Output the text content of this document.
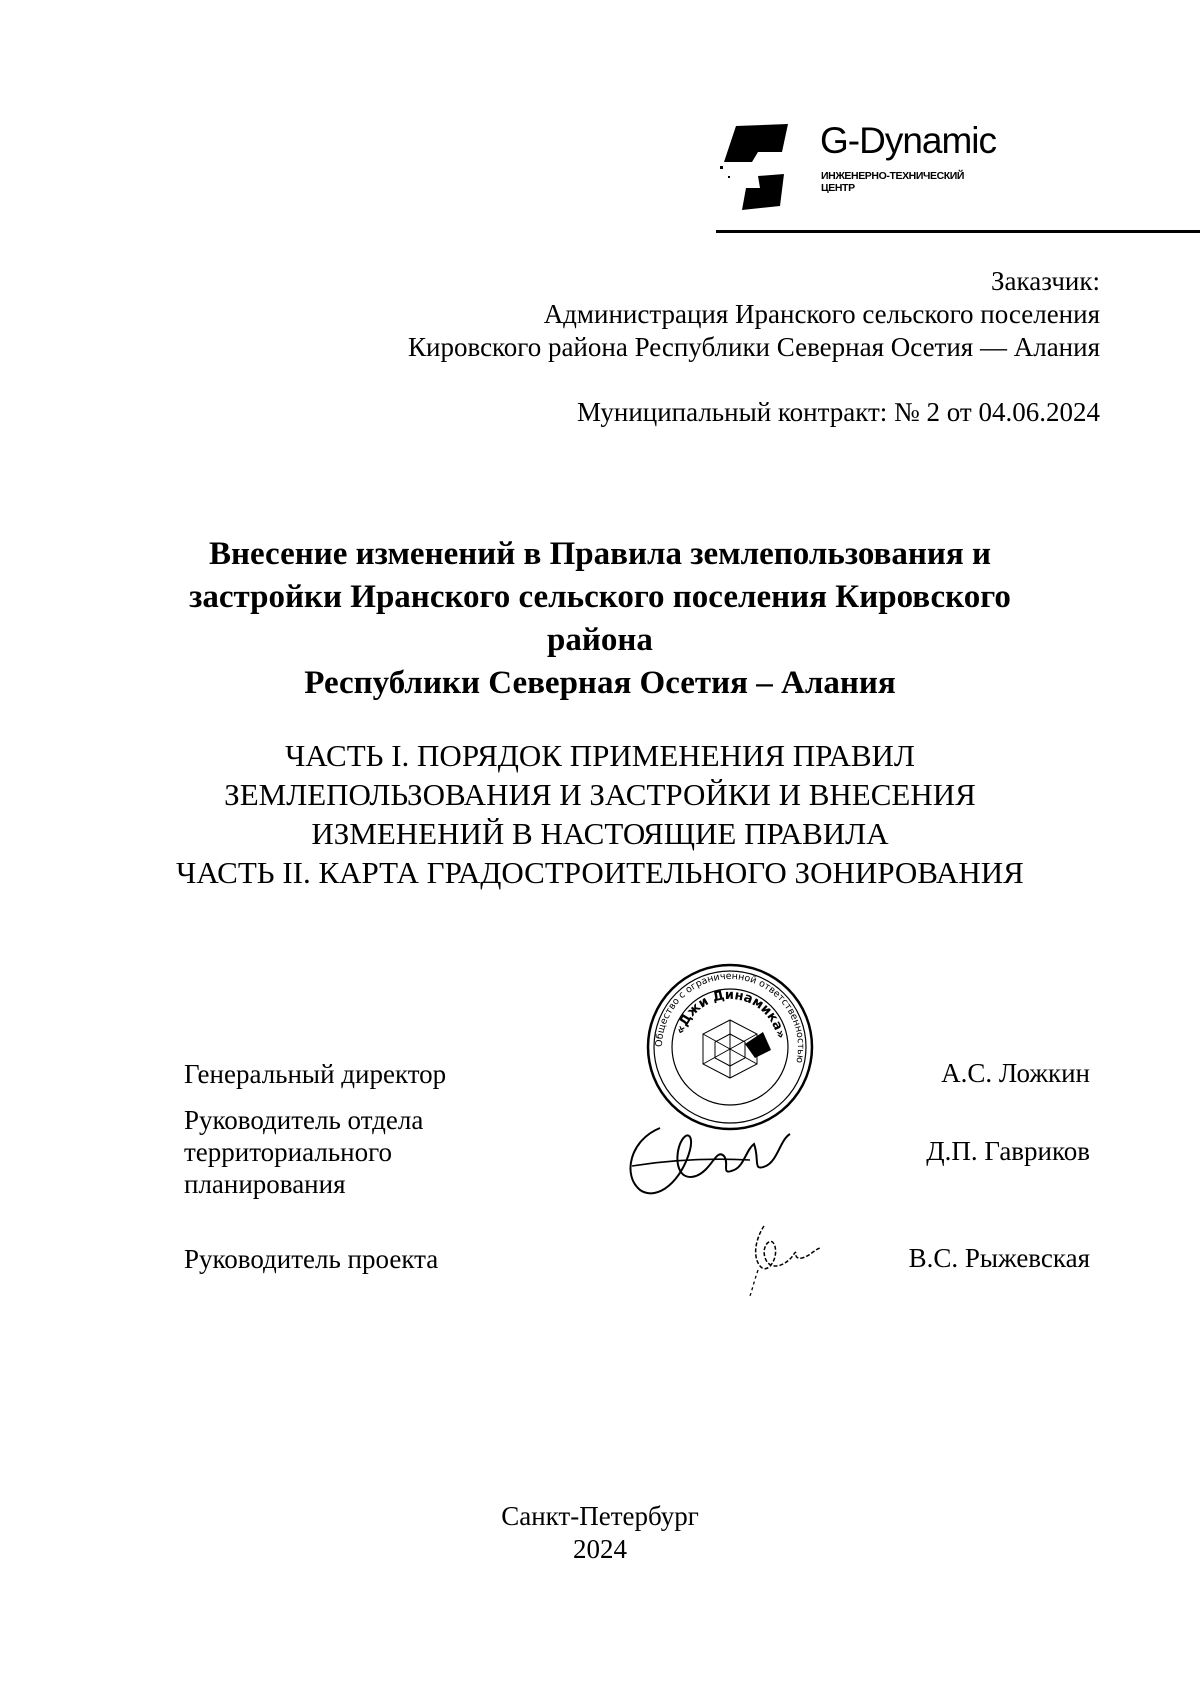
G-Dynamic
ИНЖЕНЕРНО-ТЕХНИЧЕСКИЙ
ЦЕНТР
Заказчик:
Администрация Иранского сельского поселения
Кировского района Республики Северная Осетия — Алания
Муниципальный контракт: № 2 от 04.06.2024
Внесение изменений в Правила землепользования и
застройки Иранского сельского поселения Кировского
района
Республики Северная Осетия – Алания
ЧАСТЬ I. ПОРЯДОК ПРИМЕНЕНИЯ ПРАВИЛ
ЗЕМЛЕПОЛЬЗОВАНИЯ И ЗАСТРОЙКИ И ВНЕСЕНИЯ
ИЗМЕНЕНИЙ В НАСТОЯЩИЕ ПРАВИЛА
ЧАСТЬ II. КАРТА ГРАДОСТРОИТЕЛЬНОГО ЗОНИРОВАНИЯ
Генеральный директор	А.С. Ложкин
Руководитель отдела
территориального
планирования
Д.П. Гавриков
Руководитель проекта	В.С. Рыжевская
Общество с ограниченной ответственностью
«Джи Динамика»
Санкт-Петербург
2024
